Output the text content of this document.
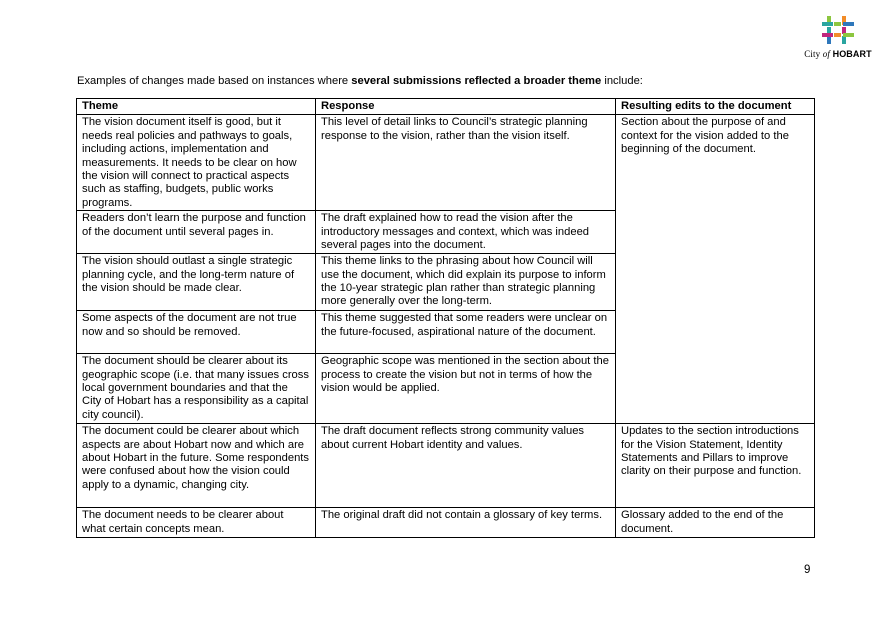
City of HOBART
Examples of changes made based on instances where several submissions reflected a broader theme include:
Theme	Response	Resulting edits to the document
The vision document itself is good, but it needs real policies and pathways to goals, including actions, implementation and measurements. It needs to be clear on how the vision will connect to practical aspects such as staffing, budgets, public works programs.	This level of detail links to Council’s strategic planning response to the vision, rather than the vision itself.	Section about the purpose of and context for the vision added to the beginning of the document.
Readers don’t learn the purpose and function of the document until several pages in.	The draft explained how to read the vision after the introductory messages and context, which was indeed several pages into the document.	
The vision should outlast a single strategic planning cycle, and the long-term nature of the vision should be made clear.	This theme links to the phrasing about how Council will use the document, which did explain its purpose to inform the 10-year strategic plan rather than strategic planning more generally over the long-term.	
Some aspects of the document are not true now and so should be removed.	This theme suggested that some readers were unclear on the future-focused, aspirational nature of the document.	
The document should be clearer about its geographic scope (i.e. that many issues cross local government boundaries and that the City of Hobart has a responsibility as a capital city council).	Geographic scope was mentioned in the section about the process to create the vision but not in terms of how the vision would be applied.	
The document could be clearer about which aspects are about Hobart now and which are about Hobart in the future. Some respondents were confused about how the vision could apply to a dynamic, changing city.	The draft document reflects strong community values about current Hobart identity and values.	Updates to the section introductions for the Vision Statement, Identity Statements and Pillars to improve clarity on their purpose and function.
The document needs to be clearer about what certain concepts mean.	The original draft did not contain a glossary of key terms.	Glossary added to the end of the document.
9
